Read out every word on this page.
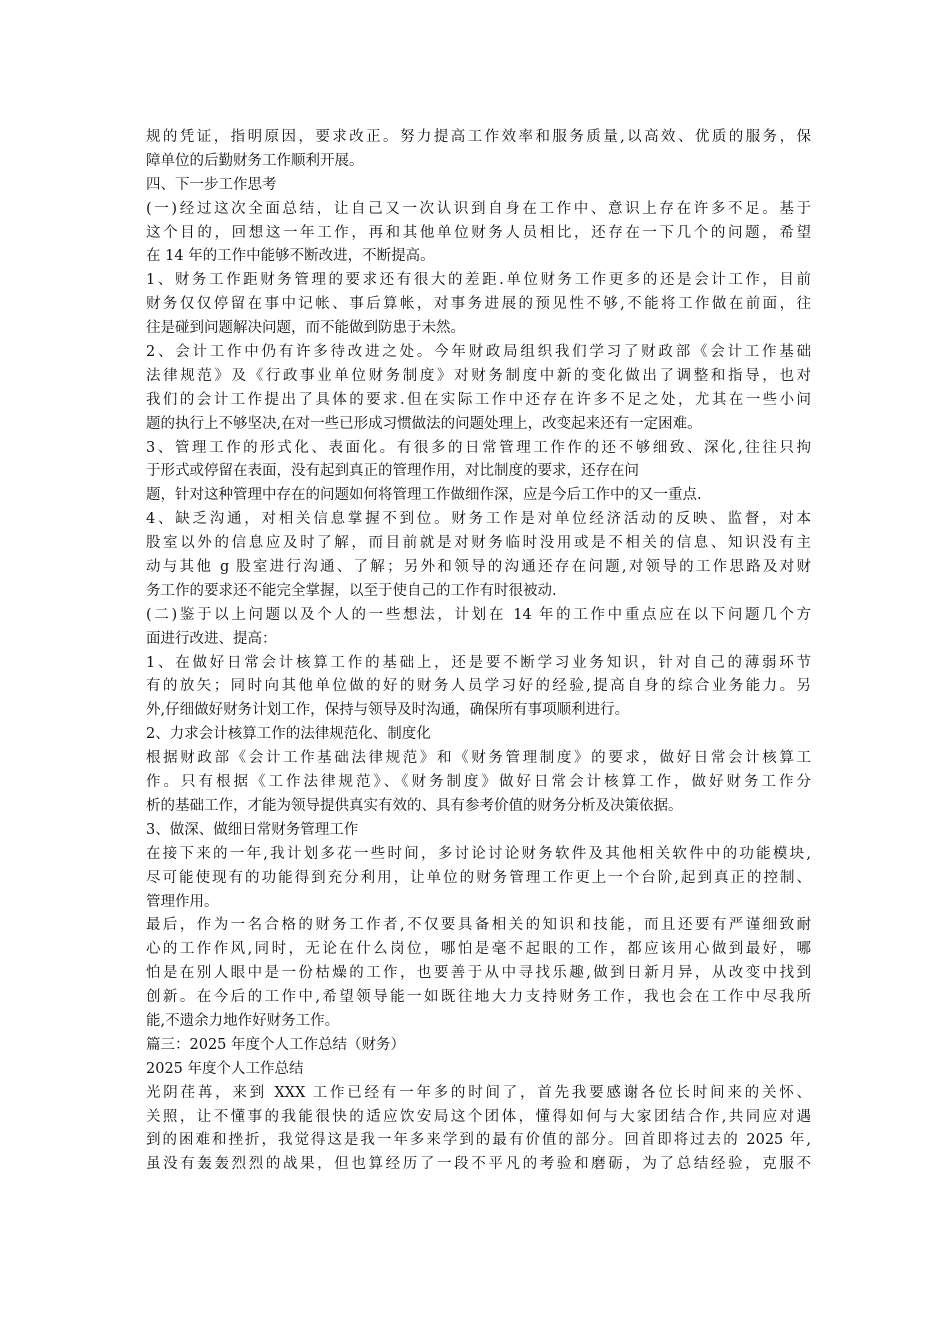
规的凭证，指明原因，要求改正。努力提高工作效率和服务质量,以高效、优质的服务，保
障单位的后勤财务工作顺利开展。
四、下一步工作思考
(一)经过这次全面总结，让自己又一次认识到自身在工作中、意识上存在许多不足。基于
这个目的，回想这一年工作，再和其他单位财务人员相比，还存在一下几个的问题，希望
在 14 年的工作中能够不断改进，不断提高。
1、财务工作距财务管理的要求还有很大的差距.单位财务工作更多的还是会计工作，目前
财务仅仅停留在事中记帐、事后算帐，对事务进展的预见性不够,不能将工作做在前面，往
往是碰到问题解决问题，而不能做到防患于未然。
2、会计工作中仍有许多待改进之处。今年财政局组织我们学习了财政部《会计工作基础
法律规范》及《行政事业单位财务制度》对财务制度中新的变化做出了调整和指导，也对
我们的会计工作提出了具体的要求.但在实际工作中还存在许多不足之处，尤其在一些小问
题的执行上不够坚决,在对一些已形成习惯做法的问题处理上，改变起来还有一定困难。
3、管理工作的形式化、表面化。有很多的日常管理工作作的还不够细致、深化,往往只拘
于形式或停留在表面，没有起到真正的管理作用，对比制度的要求，还存在问
题，针对这种管理中存在的问题如何将管理工作做细作深，应是今后工作中的又一重点.
4、缺乏沟通，对相关信息掌握不到位。财务工作是对单位经济活动的反映、监督，对本
股室以外的信息应及时了解，而目前就是对财务临时没用或是不相关的信息、知识没有主
动与其他 g 股室进行沟通、了解；另外和领导的沟通还存在问题,对领导的工作思路及对财
务工作的要求还不能完全掌握，以至于使自己的工作有时很被动.
(二)鉴于以上问题以及个人的一些想法，计划在 14 年的工作中重点应在以下问题几个方
面进行改进、提高：
1、在做好日常会计核算工作的基础上，还是要不断学习业务知识，针对自己的薄弱环节
有的放矢；同时向其他单位做的好的财务人员学习好的经验,提高自身的综合业务能力。另
外,仔细做好财务计划工作，保持与领导及时沟通，确保所有事项顺利进行。
2、力求会计核算工作的法律规范化、制度化
根据财政部《会计工作基础法律规范》和《财务管理制度》的要求，做好日常会计核算工
作。只有根据《工作法律规范》、《财务制度》做好日常会计核算工作，做好财务工作分
析的基础工作，才能为领导提供真实有效的、具有参考价值的财务分析及决策依据。
3、做深、做细日常财务管理工作
在接下来的一年,我计划多花一些时间，多讨论讨论财务软件及其他相关软件中的功能模块,
尽可能使现有的功能得到充分利用，让单位的财务管理工作更上一个台阶,起到真正的控制、
管理作用。
最后，作为一名合格的财务工作者,不仅要具备相关的知识和技能，而且还要有严谨细致耐
心的工作作风,同时，无论在什么岗位，哪怕是毫不起眼的工作，都应该用心做到最好，哪
怕是在别人眼中是一份枯燥的工作，也要善于从中寻找乐趣,做到日新月异，从改变中找到
创新。在今后的工作中,希望领导能一如既往地大力支持财务工作，我也会在工作中尽我所
能,不遗余力地作好财务工作。
篇三：2025 年度个人工作总结（财务）
2025 年度个人工作总结
光阴荏苒，来到 XXX 工作已经有一年多的时间了，首先我要感谢各位长时间来的关怀、
关照，让不懂事的我能很快的适应饮安局这个团体，懂得如何与大家团结合作,共同应对遇
到的困难和挫折，我觉得这是我一年多来学到的最有价值的部分。回首即将过去的 2025 年,
虽没有轰轰烈烈的战果，但也算经历了一段不平凡的考验和磨砺，为了总结经验，克服不
